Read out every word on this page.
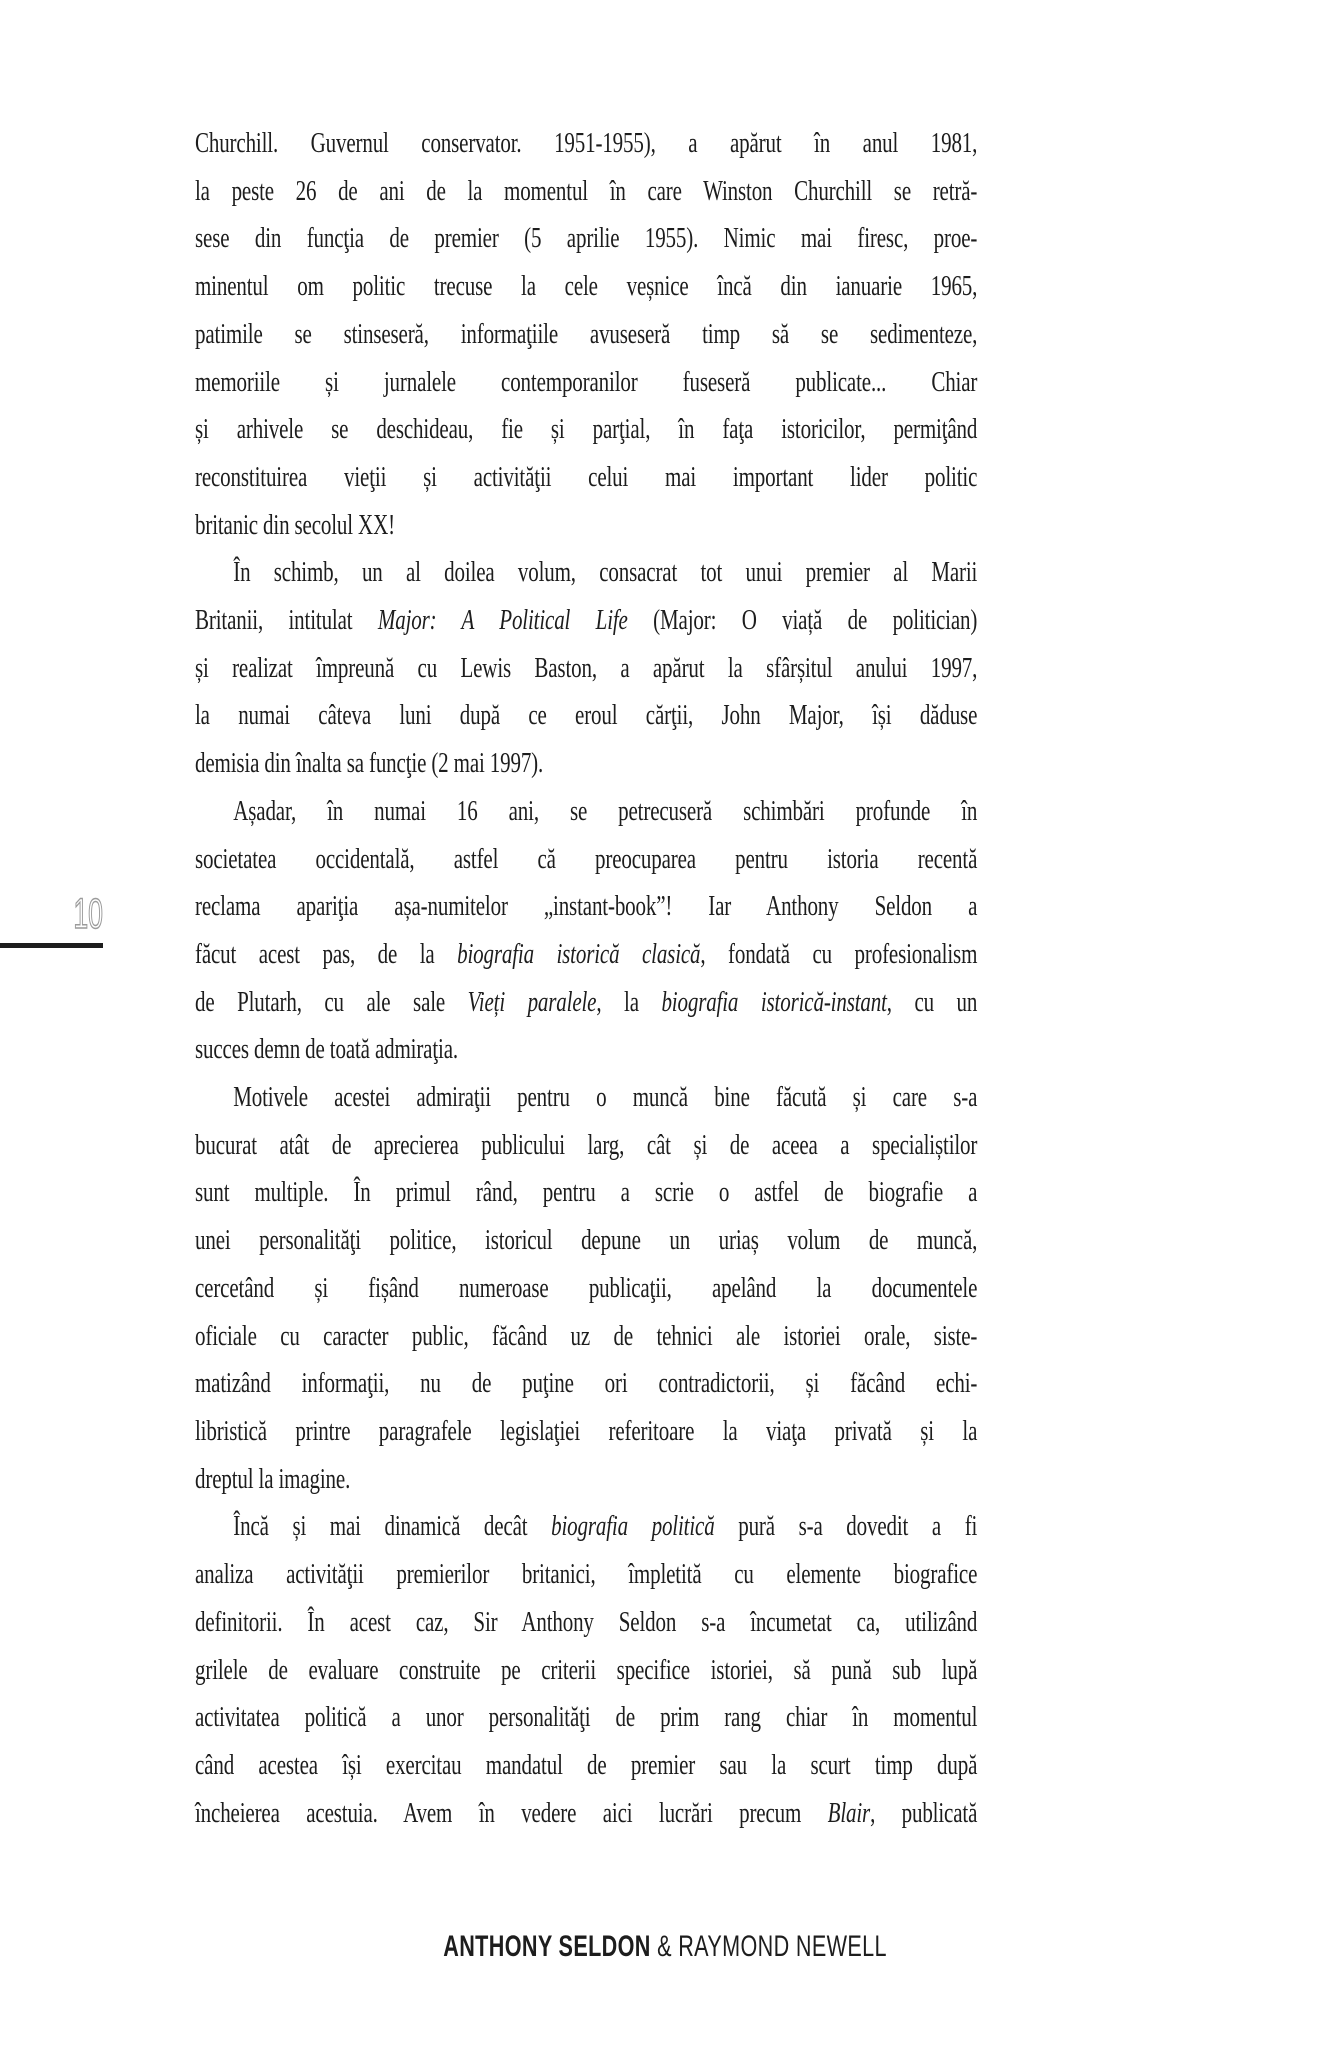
10
Churchill. Guvernul conservator. 1951-1955), a apărut în anul 1981,
la peste 26 de ani de la momentul în care Winston Churchill se retră-
sese din funcţia de premier (5 aprilie 1955). Nimic mai firesc, proe-
minentul om politic trecuse la cele veșnice încă din ianuarie 1965,
patimile se stinseseră, informaţiile avuseseră timp să se sedimenteze,
memoriile și jurnalele contemporanilor fuseseră publicate... Chiar
și arhivele se deschideau, fie și parţial, în faţa istoricilor, permiţând
reconstituirea vieţii și activităţii celui mai important lider politic
britanic din secolul XX!
În schimb, un al doilea volum, consacrat tot unui premier al Marii
Britanii, intitulat Major: A Political Life (Major: O viață de politician)
și realizat împreună cu Lewis Baston, a apărut la sfârșitul anului 1997,
la numai câteva luni după ce eroul cărţii, John Major, își dăduse
demisia din înalta sa funcţie (2 mai 1997).
Așadar, în numai 16 ani, se petrecuseră schimbări profunde în
societatea occidentală, astfel că preocuparea pentru istoria recentă
reclama apariţia așa-numitelor „instant-book”! Iar Anthony Seldon a
făcut acest pas, de la biografia istorică clasică, fondată cu profesionalism
de Plutarh, cu ale sale Vieți paralele, la biografia istorică-instant, cu un
succes demn de toată admiraţia.
Motivele acestei admiraţii pentru o muncă bine făcută și care s-a
bucurat atât de aprecierea publicului larg, cât și de aceea a specialiștilor
sunt multiple. În primul rând, pentru a scrie o astfel de biografie a
unei personalităţi politice, istoricul depune un uriaș volum de muncă,
cercetând și fișând numeroase publicaţii, apelând la documentele
oficiale cu caracter public, făcând uz de tehnici ale istoriei orale, siste-
matizând informaţii, nu de puţine ori contradictorii, și făcând echi-
libristică printre paragrafele legislaţiei referitoare la viaţa privată și la
dreptul la imagine.
Încă și mai dinamică decât biografia politică pură s-a dovedit a fi
analiza activităţii premierilor britanici, împletită cu elemente biografice
definitorii. În acest caz, Sir Anthony Seldon s-a încumetat ca, utilizând
grilele de evaluare construite pe criterii specifice istoriei, să pună sub lupă
activitatea politică a unor personalităţi de prim rang chiar în momentul
când acestea își exercitau mandatul de premier sau la scurt timp după
încheierea acestuia. Avem în vedere aici lucrări precum Blair, publicată
ANTHONY SELDON & RAYMOND NEWELL
